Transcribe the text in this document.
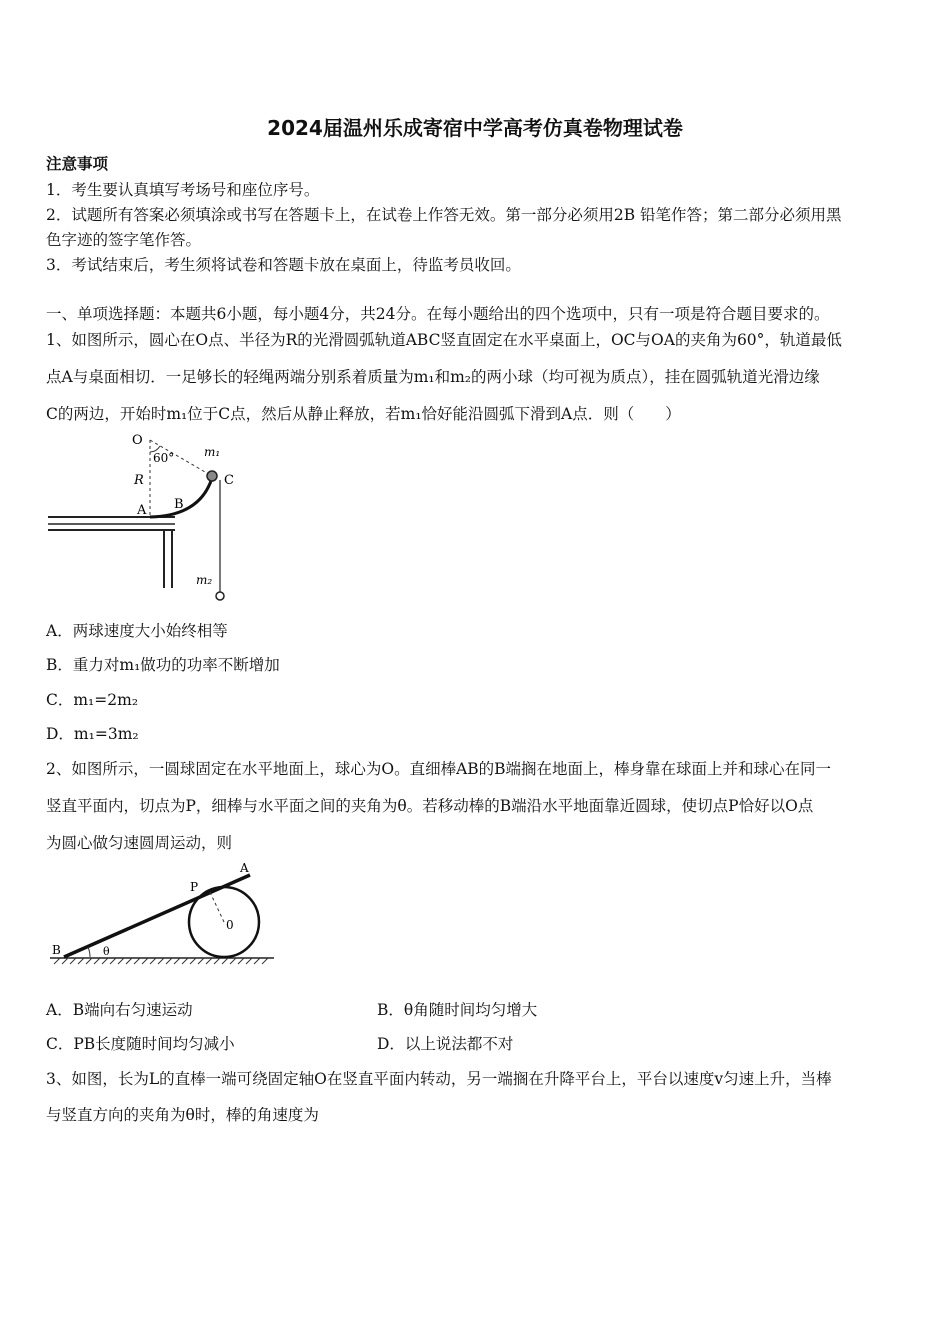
2024届温州乐成寄宿中学高考仿真卷物理试卷
注意事项
1．考生要认真填写考场号和座位序号。
2．试题所有答案必须填涂或书写在答题卡上，在试卷上作答无效。第一部分必须用2B 铅笔作答；第二部分必须用黑
色字迹的签字笔作答。
3．考试结束后，考生须将试卷和答题卡放在桌面上，待监考员收回。
一、单项选择题：本题共6小题，每小题4分，共24分。在每小题给出的四个选项中，只有一项是符合题目要求的。
1、如图所示，圆心在O点、半径为R的光滑圆弧轨道ABC竖直固定在水平桌面上，OC与OA的夹角为60°，轨道最低
点A与桌面相切．一足够长的轻绳两端分别系着质量为m₁和m₂的两小球（均可视为质点），挂在圆弧轨道光滑边缘
C的两边，开始时m₁位于C点，然后从静止释放，若m₁恰好能沿圆弧下滑到A点．则（　　）
O
60° m₁
C
R
B
A
m₂
A．两球速度大小始终相等
B．重力对m₁做功的功率不断增加
C．m₁=2m₂
D．m₁=3m₂
2、如图所示，一圆球固定在水平地面上，球心为O。直细棒AB的B端搁在地面上，棒身靠在球面上并和球心在同一
竖直平面内，切点为P，细棒与水平面之间的夹角为θ。若移动棒的B端沿水平地面靠近圆球，使切点P恰好以O点
为圆心做匀速圆周运动，则
A
P
0
B	θ
A．B端向右匀速运动	B．θ角随时间均匀增大
C．PB长度随时间均匀减小	D．以上说法都不对
3、如图，长为L的直棒一端可绕固定轴O在竖直平面内转动，另一端搁在升降平台上，平台以速度v匀速上升，当棒
与竖直方向的夹角为θ时，棒的角速度为
